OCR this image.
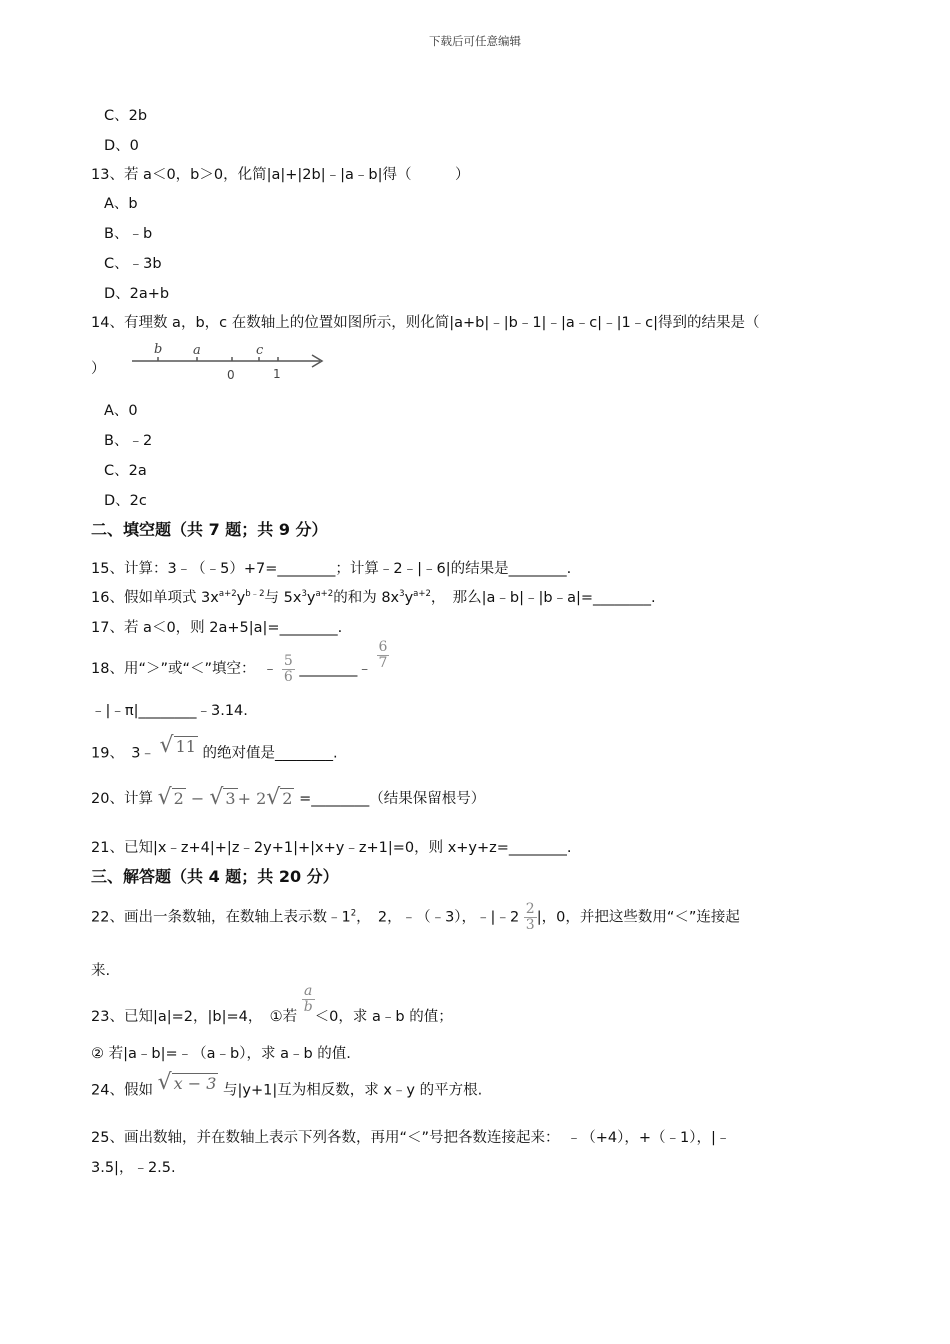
下载后可任意编辑
C、2b
D、0
13、若 a＜0，b＞0，化简|a|+|2b|﹣|a﹣b|得（　　　）
A、b
B、﹣b
C、﹣3b
D、2a+b
14、有理数 a，b，c 在数轴上的位置如图所示，则化简|a+b|﹣|b﹣1|﹣|a﹣c|﹣|1﹣c|得到的结果是（
）
b a	c
0	1
A、0
B、﹣2
C、2a
D、2c
二、填空题（共 7 题；共 9 分）
15、计算：3﹣（﹣5）+7=________；计算﹣2﹣|﹣6|的结果是________.
16、假如单项式 $3x^{a+2}y^{b﹣2}$与 $5x^3y^{a+2}$的和为 $8x^3y^{a+2}$，　那么|a﹣b|﹣|b﹣a|=________.
17、若 a＜0，则 2a+5|a|=________.
18、用“＞”或“＜”填空：　﹣ $\frac{5}{6}$ ________﹣ $\frac{6}{7}$
﹣|﹣π|________﹣3.14.
19、　3﹣ √ 11 的绝对值是________.
20、计算 √ 2 − √ 3 + 2√ 2 =________（结果保留根号）
21、已知|x﹣z+4|+|z﹣2y+1|+|x+y﹣z+1|=0，则 x+y+z=________.
三、解答题（共 4 题；共 20 分）
22、画出一条数轴，在数轴上表示数$﹣1^2$，　2，﹣（﹣3），﹣|﹣2 $\frac{2}{3}$ |，0，并把这些数用“＜”连接起
来.
23、已知|a|=2，|b|=4，　①若
$\frac{a}{b}$
＜0，求 a﹣b 的值；
② 若|a﹣b|=﹣（a﹣b），求 a﹣b 的值.
24、假如 √ x − 3 与|y+1|互为相反数，求 x﹣y 的平方根.
25、画出数轴，并在数轴上表示下列各数，再用“＜”号把各数连接起来：　﹣（+4），+（﹣1），|﹣
3.5|，﹣2.5.
